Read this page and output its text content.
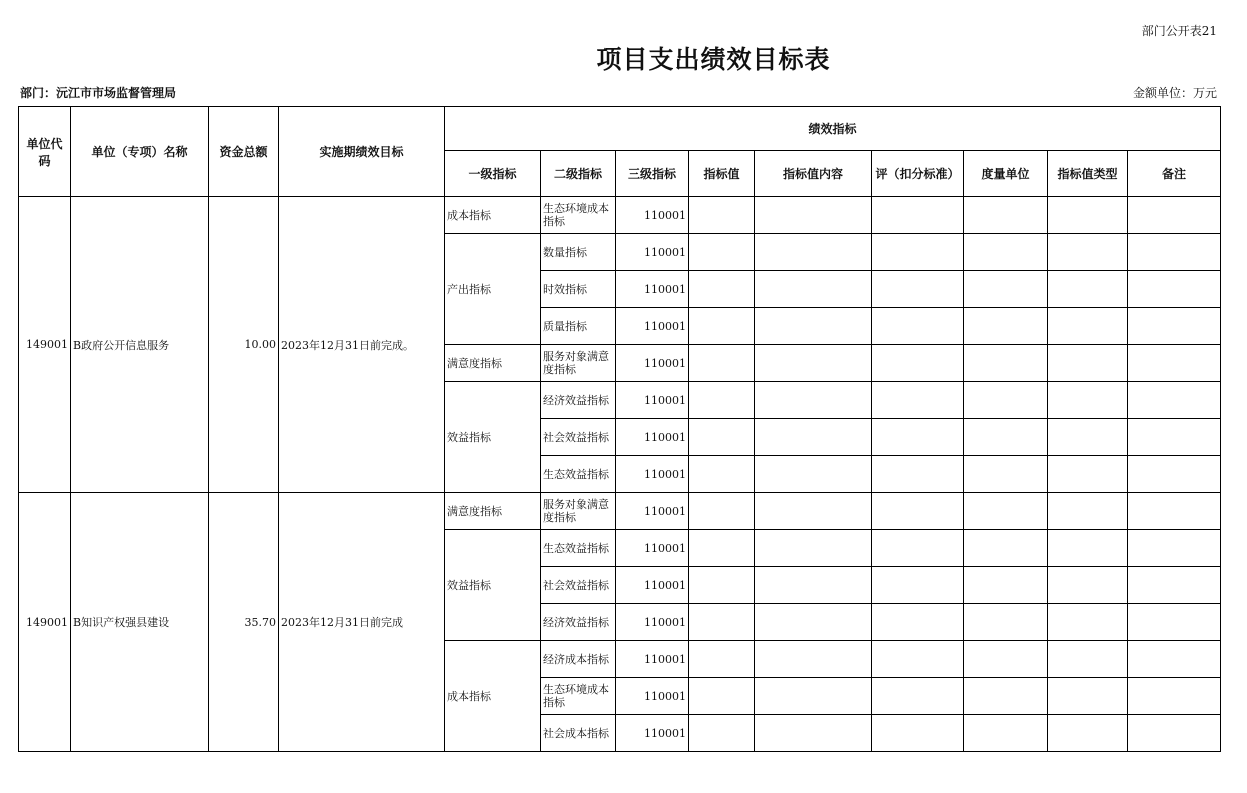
部门公开表21
项目支出绩效目标表
部门：沅江市市场监督管理局	金额单位：万元
单位代码	单位（专项）名称	资金总额	实施期绩效目标	绩效指标								
				一级指标	二级指标	三级指标	指标值	指标值内容	评（扣分标准）	度量单位	指标值类型	备注
149001	B政府公开信息服务	10.00	2023年12月31日前完成。	成本指标	生态环境成本指标	110001						
				产出指标	数量指标	110001						
					时效指标	110001						
					质量指标	110001						
				满意度指标	服务对象满意度指标	110001						
				效益指标	经济效益指标	110001						
					社会效益指标	110001						
					生态效益指标	110001						
149001	B知识产权强县建设	35.70	2023年12月31日前完成	满意度指标	服务对象满意度指标	110001						
				效益指标	生态效益指标	110001						
					社会效益指标	110001						
					经济效益指标	110001						
				成本指标	经济成本指标	110001						
					生态环境成本指标	110001						
					社会成本指标	110001						
